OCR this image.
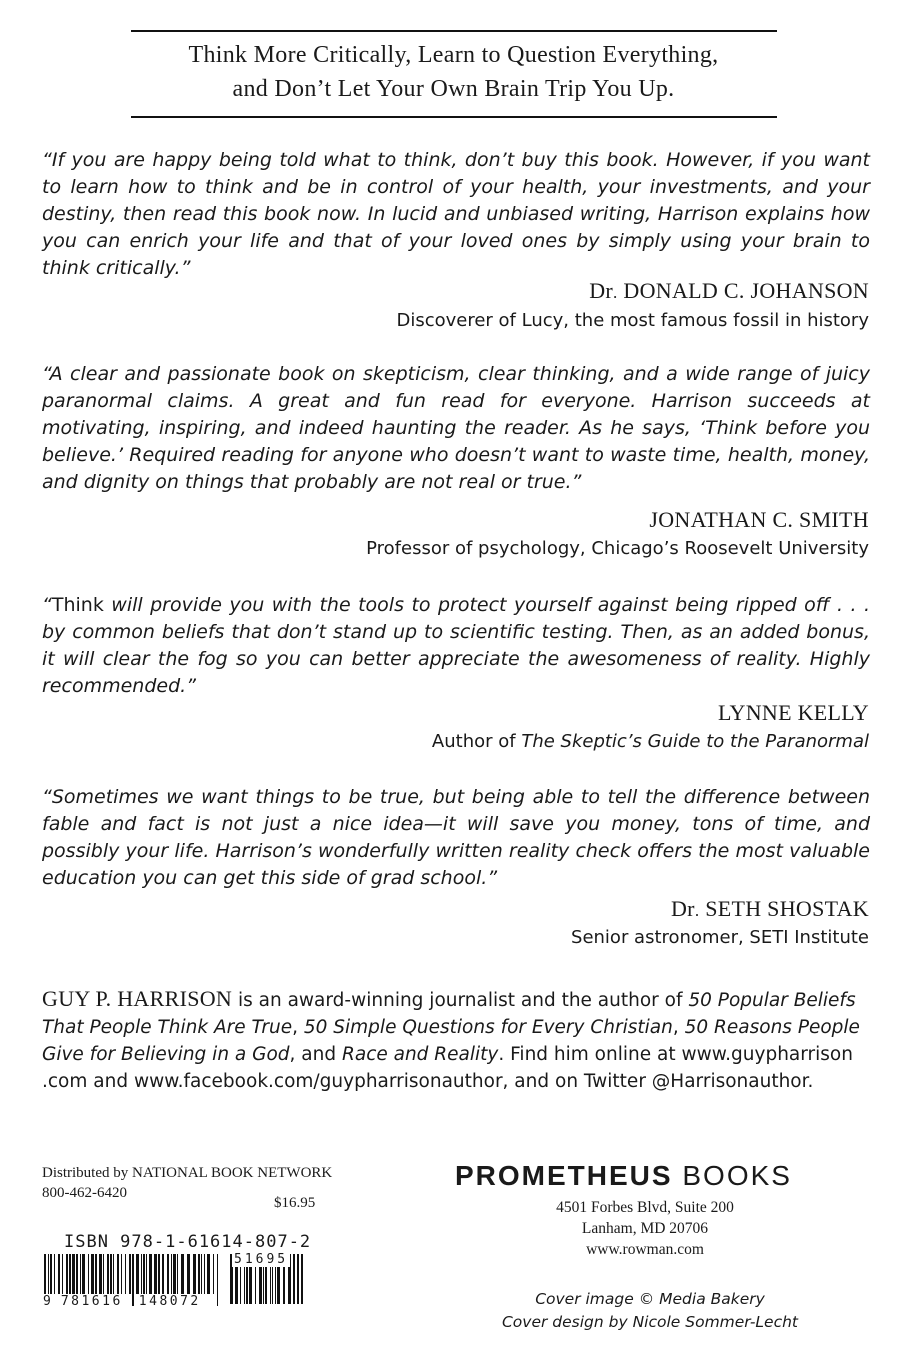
Think More Critically, Learn to Question Everything,
and Don’t Let Your Own Brain Trip You Up.

“If you are happy being told what to think, don’t buy this book. However, if you want to learn how to think and be in control of your health, your investments, and your destiny, then read this book now. In lucid and unbiased writing, Harrison explains how you can enrich your life and that of your loved ones by simply using your brain to think critically.”

Dr. DONALD C. JOHANSON
Discoverer of Lucy, the most famous fossil in history

“A clear and passionate book on skepticism, clear thinking, and a wide range of juicy paranormal claims. A great and fun read for everyone. Harrison succeeds at motivating, inspiring, and indeed haunting the reader. As he says, ‘Think before you believe.’ Required reading for anyone who doesn’t want to waste time, health, money, and dignity on things that probably are not real or true.”

JONATHAN C. SMITH
Professor of psychology, Chicago’s Roosevelt University

“Think will provide you with the tools to protect yourself against being ripped off . . . by common beliefs that don’t stand up to scientific testing. Then, as an added bonus, it will clear the fog so you can better appreciate the awesomeness of reality. Highly recommended.”

LYNNE KELLY
Author of The Skeptic’s Guide to the Paranormal

“Sometimes we want things to be true, but being able to tell the difference between fable and fact is not just a nice idea—it will save you money, tons of time, and possibly your life. Harrison’s wonderfully written reality check offers the most valuable education you can get this side of grad school.”

Dr. SETH SHOSTAK
Senior astronomer, SETI Institute

GUY P. HARRISON is an award-winning journalist and the author of 50 Popular Beliefs That People Think Are True, 50 Simple Questions for Every Christian, 50 Reasons People Give for Believing in a God, and Race and Reality. Find him online at www.guypharrison .com and www.facebook.com/guypharrisonauthor, and on Twitter @Harrisonauthor.

Distributed by NATIONAL BOOK NETWORK
800-462-6420
$16.95
ISBN 978-1-61614-807-2
51695
9 781616 148072
PROMETHEUS BOOKS
4501 Forbes Blvd, Suite 200
Lanham, MD 20706
www.rowman.com
Cover image © Media Bakery
Cover design by Nicole Sommer-Lecht
